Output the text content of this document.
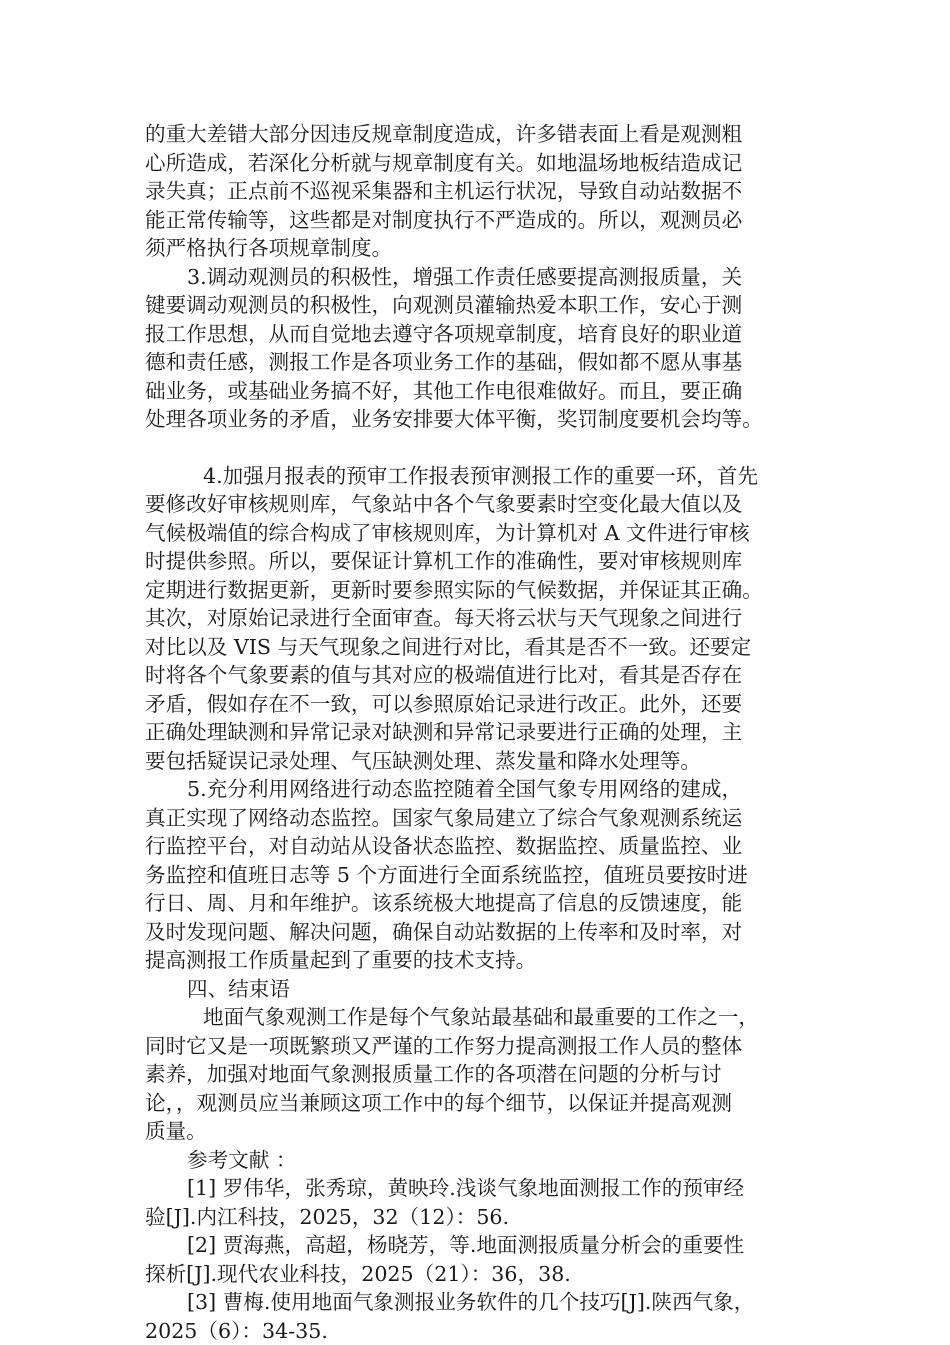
的重大差错大部分因违反规章制度造成，许多错表面上看是观测粗
心所造成，若深化分析就与规章制度有关。如地温场地板结造成记
录失真；正点前不巡视采集器和主机运行状况，导致自动站数据不
能正常传输等，这些都是对制度执行不严造成的。所以，观测员必
须严格执行各项规章制度。
3.调动观测员的积极性，增强工作责任感要提高测报质量，关
键要调动观测员的积极性，向观测员灌输热爱本职工作，安心于测
报工作思想，从而自觉地去遵守各项规章制度，培育良好的职业道
德和责任感，测报工作是各项业务工作的基础，假如都不愿从事基
础业务，或基础业务搞不好，其他工作电很难做好。而且，要正确
处理各项业务的矛盾，业务安排要大体平衡，奖罚制度要机会均等。
4.加强月报表的预审工作报表预审测报工作的重要一环，首先
要修改好审核规则库，气象站中各个气象要素时空变化最大值以及
气候极端值的综合构成了审核规则库，为计算机对 A 文件进行审核
时提供参照。所以，要保证计算机工作的准确性，要对审核规则库
定期进行数据更新，更新时要参照实际的气候数据，并保证其正确。
其次，对原始记录进行全面审查。每天将云状与天气现象之间进行
对比以及 VIS 与天气现象之间进行对比，看其是否不一致。还要定
时将各个气象要素的值与其对应的极端值进行比对，看其是否存在
矛盾，假如存在不一致，可以参照原始记录进行改正。此外，还要
正确处理缺测和异常记录对缺测和异常记录要进行正确的处理，主
要包括疑误记录处理、气压缺测处理、蒸发量和降水处理等。
5.充分利用网络进行动态监控随着全国气象专用网络的建成，
真正实现了网络动态监控。国家气象局建立了综合气象观测系统运
行监控平台，对自动站从设备状态监控、数据监控、质量监控、业
务监控和值班日志等 5 个方面进行全面系统监控，值班员要按时进
行日、周、月和年维护。该系统极大地提高了信息的反馈速度，能
及时发现问题、解决问题，确保自动站数据的上传率和及时率，对
提高测报工作质量起到了重要的技术支持。
四、结束语
地面气象观测工作是每个气象站最基础和最重要的工作之一，
同时它又是一项既繁琐又严谨的工作努力提高测报工作人员的整体
素养，加强对地面气象测报质量工作的各项潜在问题的分析与讨
论，，观测员应当兼顾这项工作中的每个细节，以保证并提高观测
质量。
参考文献 ：
[1] 罗伟华，张秀琼，黄映玲.浅谈气象地面测报工作的预审经
验[J].内江科技，2025，32（12）：56.
[2] 贾海燕，高超，杨晓芳，等.地面测报质量分析会的重要性
探析[J].现代农业科技，2025（21）：36，38.
[3] 曹梅.使用地面气象测报业务软件的几个技巧[J].陕西气象，
2025（6）：34-35.
